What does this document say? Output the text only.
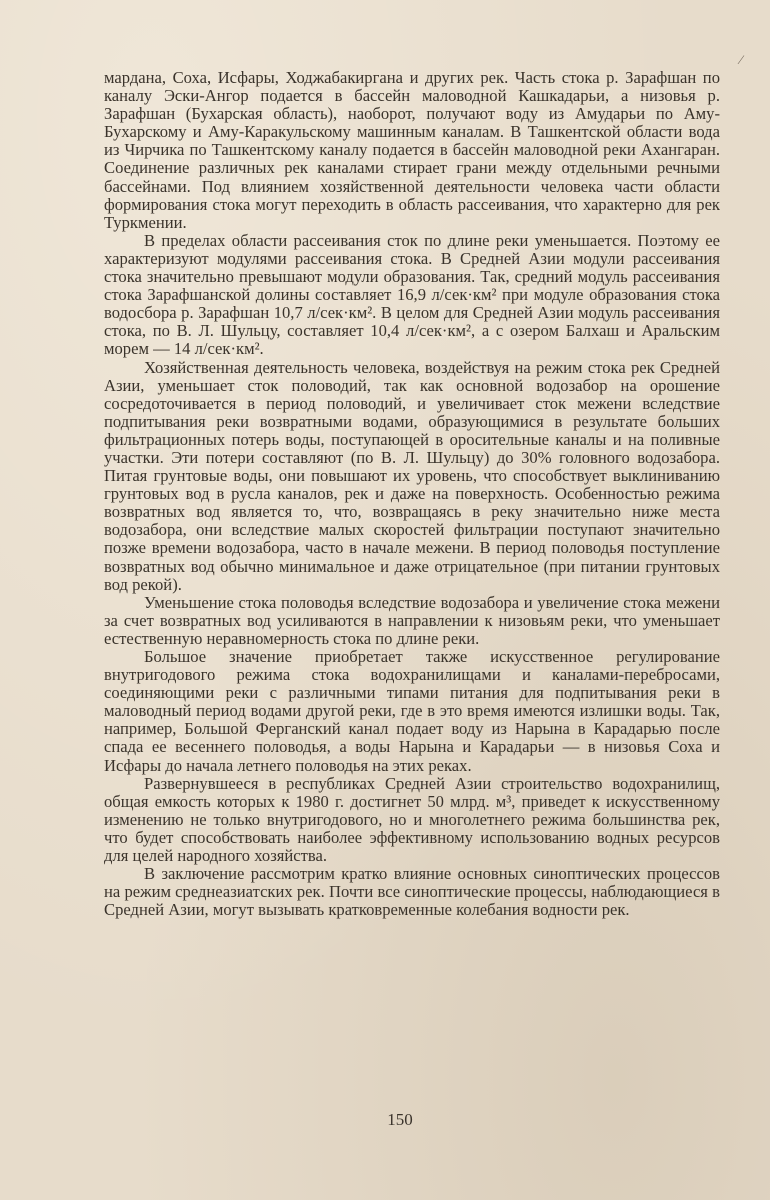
⁄

мардана, Соха, Исфары, Ходжабакиргана и других рек. Часть стока р. Зарафшан по каналу Эски-Ангор подается в бассейн маловодной Кашкадарьи, а низовья р. Зарафшан (Бухарская область), наоборот, получают воду из Амударьи по Аму-Бухарскому и Аму-Каракульскому машинным каналам. В Ташкентской области вода из Чирчика по Ташкентскому каналу подается в бассейн маловодной реки Ахангаран. Соединение различных рек каналами стирает грани между отдельными речными бассейнами. Под влиянием хозяйственной деятельности человека части области формирования стока могут переходить в область рассеивания, что характерно для рек Туркмении.

В пределах области рассеивания сток по длине реки уменьшается. Поэтому ее характеризуют модулями рассеивания стока. В Средней Азии модули рассеивания стока значительно превышают модули образования. Так, средний модуль рассеивания стока Зарафшанской долины составляет 16,9 л/сек·км² при модуле образования стока водосбора р. Зарафшан 10,7 л/сек·км². В целом для Средней Азии модуль рассеивания стока, по В. Л. Шульцу, составляет 10,4 л/сек·км², а с озером Балхаш и Аральским морем — 14 л/сек·км².

Хозяйственная деятельность человека, воздействуя на режим стока рек Средней Азии, уменьшает сток половодий, так как основной водозабор на орошение сосредоточивается в период половодий, и увеличивает сток межени вследствие подпитывания реки возвратными водами, образующимися в результате больших фильтрационных потерь воды, поступающей в оросительные каналы и на поливные участки. Эти потери составляют (по В. Л. Шульцу) до 30% головного водозабора. Питая грунтовые воды, они повышают их уровень, что способствует выклиниванию грунтовых вод в русла каналов, рек и даже на поверхность. Особенностью режима возвратных вод является то, что, возвращаясь в реку значительно ниже места водозабора, они вследствие малых скоростей фильтрации поступают значительно позже времени водозабора, часто в начале межени. В период половодья поступление возвратных вод обычно минимальное и даже отрицательное (при питании грунтовых вод рекой).

Уменьшение стока половодья вследствие водозабора и увеличение стока межени за счет возвратных вод усиливаются в направлении к низовьям реки, что уменьшает естественную неравномерность стока по длине реки.

Большое значение приобретает также искусственное регулирование внутригодового режима стока водохранилищами и каналами-перебросами, соединяющими реки с различными типами питания для подпитывания реки в маловодный период водами другой реки, где в это время имеются излишки воды. Так, например, Большой Ферганский канал подает воду из Нарына в Карадарью после спада ее весеннего половодья, а воды Нарына и Карадарьи — в низовья Соха и Исфары до начала летнего половодья на этих реках.

Развернувшееся в республиках Средней Азии строительство водохранилищ, общая емкость которых к 1980 г. достигнет 50 млрд. м³, приведет к искусственному изменению не только внутригодового, но и многолетнего режима большинства рек, что будет способствовать наиболее эффективному использованию водных ресурсов для целей народного хозяйства.

В заключение рассмотрим кратко влияние основных синоптических процессов на режим среднеазиатских рек. Почти все синоптические процессы, наблюдающиеся в Средней Азии, могут вызывать кратковременные колебания водности рек.

150
